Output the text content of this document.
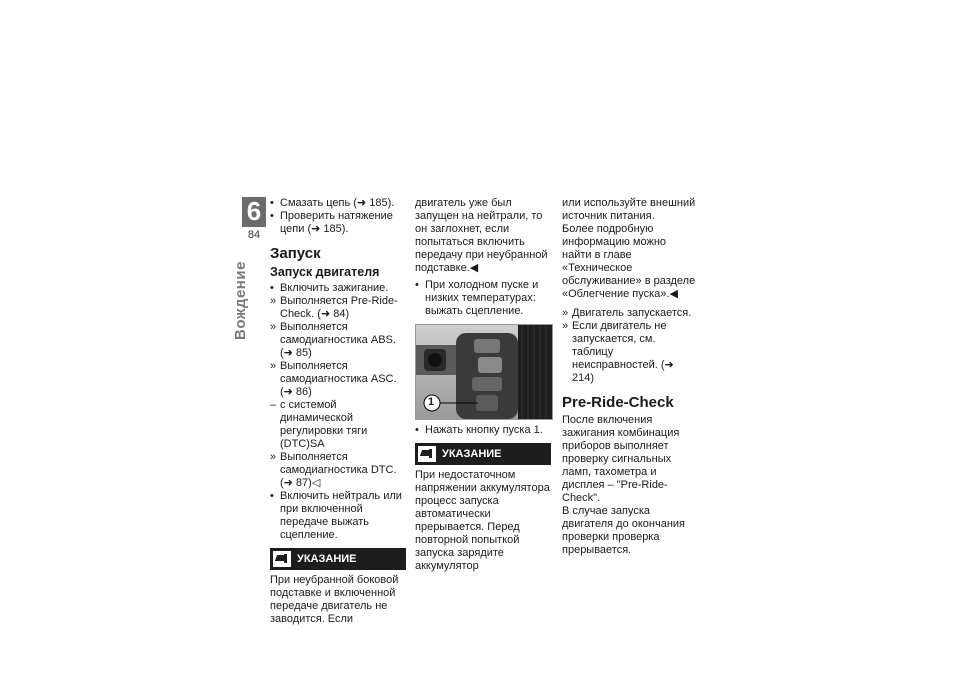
6
84
Вождение

• Смазать цепь (➜ 185).

• Проверить натяжение цепи (➜ 185).

Запуск
Запуск двигателя

• Включить зажигание.

» Выполняется Pre-Ride-Check. (➜ 84)

» Выполняется самодиагностика ABS. (➜ 85)

» Выполняется самодиагностика ASC. (➜ 86)

– с системой динамической регулировки тяги (DTC)SA

» Выполняется самодиагностика DTC. (➜ 87)◁

• Включить нейтраль или при включенной передаче выжать сцепление.

УКАЗАНИЕ

При неубранной боковой подставке и включенной передаче двигатель не заводится. Если

двигатель уже был запущен на нейтрали, то он заглохнет, если попытаться включить передачу при неубранной подставке.◀

• При холодном пуске и низких температурах: выжать сцепление.

1

• Нажать кнопку пуска 1.

УКАЗАНИЕ

При недостаточном напряжении аккумулятора процесс запуска автоматически прерывается. Перед повторной попыткой запуска зарядите аккумулятор

или используйте внешний источник питания.

Более подробную информацию можно найти в главе «Техническое обслуживание» в разделе «Облегчение пуска».◀

» Двигатель запускается.

» Если двигатель не запускается, см. таблицу неисправностей. (➜ 214)

Pre-Ride-Check

После включения зажигания комбинация приборов выполняет проверку сигнальных ламп, тахометра и дисплея – "Pre-Ride-Check".

В случае запуска двигателя до окончания проверки проверка прерывается.
